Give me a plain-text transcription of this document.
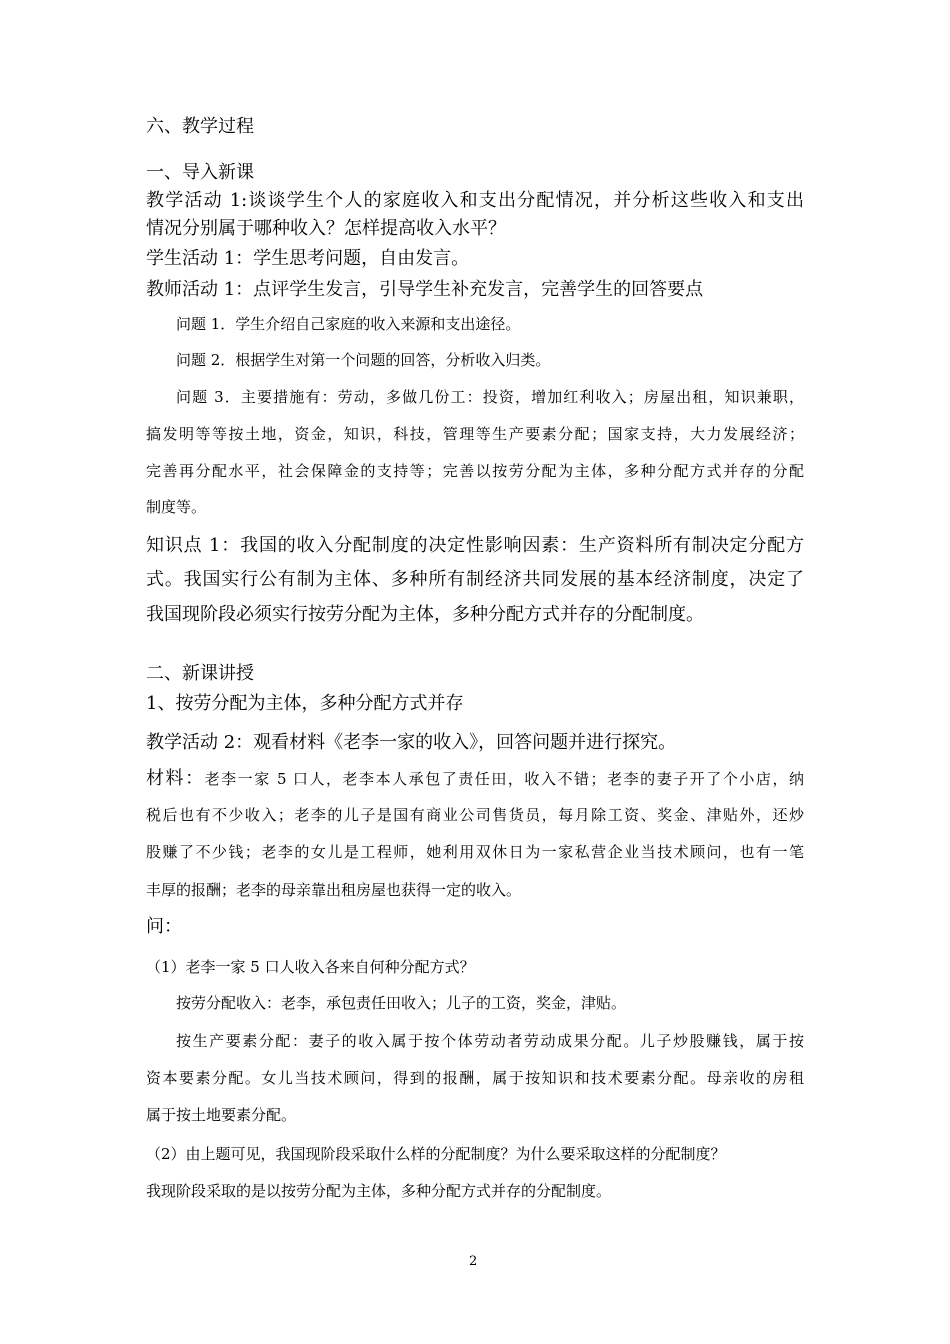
六、教学过程

一、导入新课

教学活动 1:谈谈学生个人的家庭收入和支出分配情况，并分析这些收入和支出

情况分别属于哪种收入？怎样提高收入水平？

学生活动 1：学生思考问题，自由发言。

教师活动 1：点评学生发言，引导学生补充发言，完善学生的回答要点

问题 1．学生介绍自己家庭的收入来源和支出途径。

问题 2．根据学生对第一个问题的回答，分析收入归类。

问题 3．主要措施有：劳动，多做几份工：投资，增加红利收入；房屋出租，知识兼职，

搞发明等等按土地，资金，知识，科技，管理等生产要素分配；国家支持，大力发展经济；

完善再分配水平，社会保障金的支持等；完善以按劳分配为主体，多种分配方式并存的分配

制度等。

知识点 1：我国的收入分配制度的决定性影响因素：生产资料所有制决定分配方

式。我国实行公有制为主体、多种所有制经济共同发展的基本经济制度，决定了

我国现阶段必须实行按劳分配为主体，多种分配方式并存的分配制度。

二、新课讲授

1、按劳分配为主体，多种分配方式并存

教学活动 2：观看材料《老李一家的收入》，回答问题并进行探究。

材料：老李一家 5 口人，老李本人承包了责任田，收入不错；老李的妻子开了个小店，纳

税后也有不少收入；老李的儿子是国有商业公司售货员，每月除工资、奖金、津贴外，还炒

股赚了不少钱；老李的女儿是工程师，她利用双休日为一家私营企业当技术顾问，也有一笔

丰厚的报酬；老李的母亲靠出租房屋也获得一定的收入。

问：

（1）老李一家 5 口人收入各来自何种分配方式？

按劳分配收入：老李，承包责任田收入；儿子的工资，奖金，津贴。

按生产要素分配：妻子的收入属于按个体劳动者劳动成果分配。儿子炒股赚钱，属于按

资本要素分配。女儿当技术顾问，得到的报酬，属于按知识和技术要素分配。母亲收的房租

属于按土地要素分配。

（2）由上题可见，我国现阶段采取什么样的分配制度？为什么要采取这样的分配制度？

我现阶段采取的是以按劳分配为主体，多种分配方式并存的分配制度。

2
